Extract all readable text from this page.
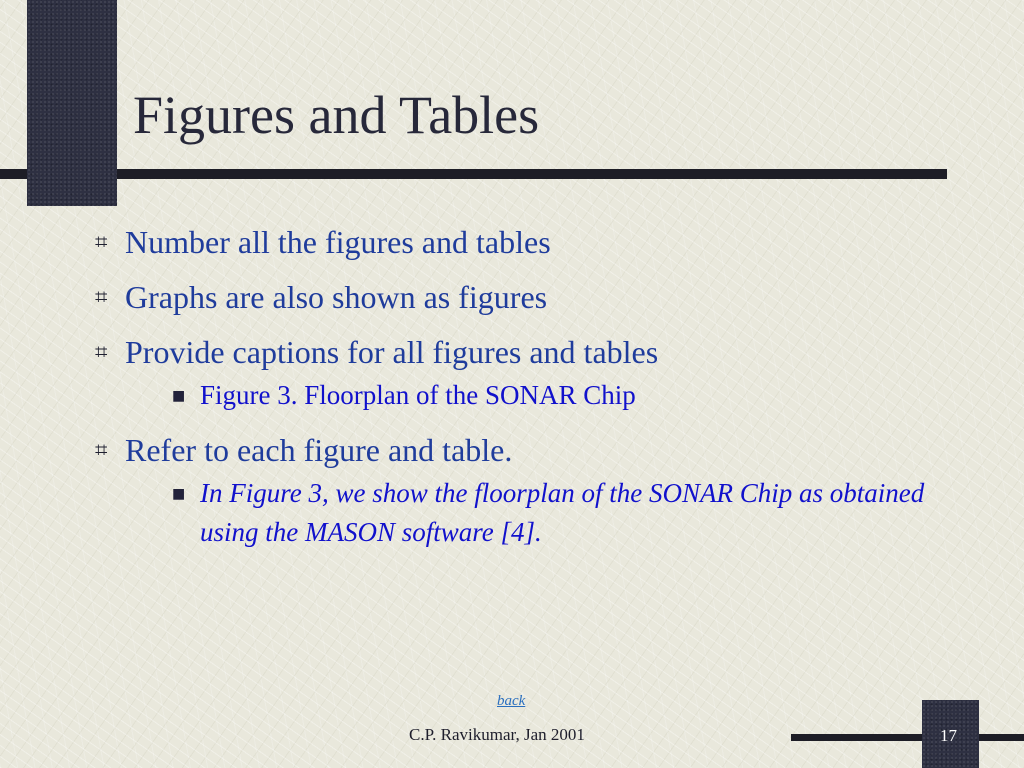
Figures and Tables
⌗ Number all the figures and tables
⌗ Graphs are also shown as figures
⌗ Provide captions for all figures and tables
■ Figure 3. Floorplan of the SONAR Chip
⌗ Refer to each figure and table.
■ In Figure 3, we show the floorplan of the SONAR Chip as obtained using the MASON software [4].
back
C.P. Ravikumar, Jan 2001	17
